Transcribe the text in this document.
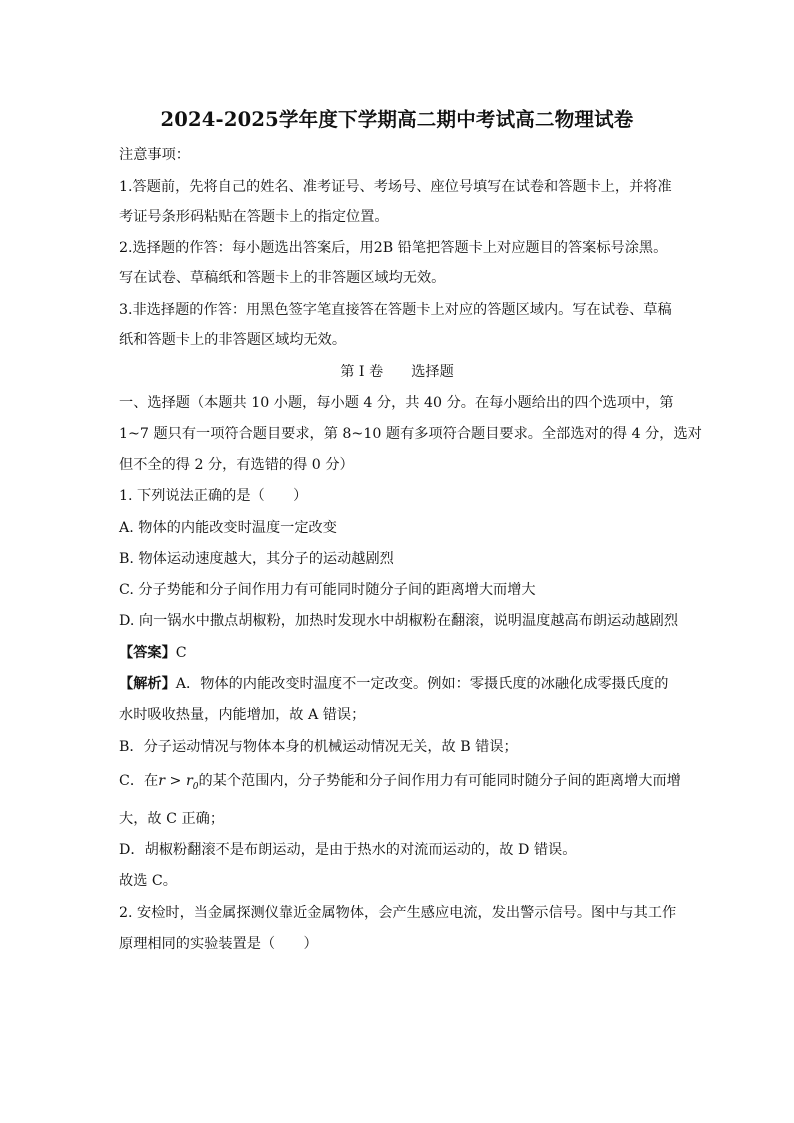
2024-2025学年度下学期高二期中考试高二物理试卷
注意事项：
1.答题前，先将自己的姓名、准考证号、考场号、座位号填写在试卷和答题卡上，并将准
考证号条形码粘贴在答题卡上的指定位置。
2.选择题的作答：每小题选出答案后，用2B 铅笔把答题卡上对应题目的答案标号涂黑。
写在试卷、草稿纸和答题卡上的非答题区域均无效。
3.非选择题的作答：用黑色签字笔直接答在答题卡上对应的答题区域内。写在试卷、草稿
纸和答题卡上的非答题区域均无效。
第 I 卷 选择题
一、选择题（本题共 10 小题，每小题 4 分，共 40 分。在每小题给出的四个选项中，第
1~7 题只有一项符合题目要求，第 8~10 题有多项符合题目要求。全部选对的得 4 分，选对
但不全的得 2 分，有选错的得 0 分）
1. 下列说法正确的是（　　）
A. 物体的内能改变时温度一定改变
B. 物体运动速度越大，其分子的运动越剧烈
C. 分子势能和分子间作用力有可能同时随分子间的距离增大而增大
D. 向一锅水中撒点胡椒粉，加热时发现水中胡椒粉在翻滚，说明温度越高布朗运动越剧烈
【答案】C
【解析】A．物体的内能改变时温度不一定改变。例如：零摄氏度的冰融化成零摄氏度的
水时吸收热量，内能增加，故 A 错误；
B．分子运动情况与物体本身的机械运动情况无关，故 B 错误；
C．在$r > r_0$的某个范围内，分子势能和分子间作用力有可能同时随分子间的距离增大而增
大，故 C 正确；
D．胡椒粉翻滚不是布朗运动，是由于热水的对流而运动的，故 D 错误。
故选 C。
2. 安检时，当金属探测仪靠近金属物体，会产生感应电流，发出警示信号。图中与其工作
原理相同的实验装置是（　　）
